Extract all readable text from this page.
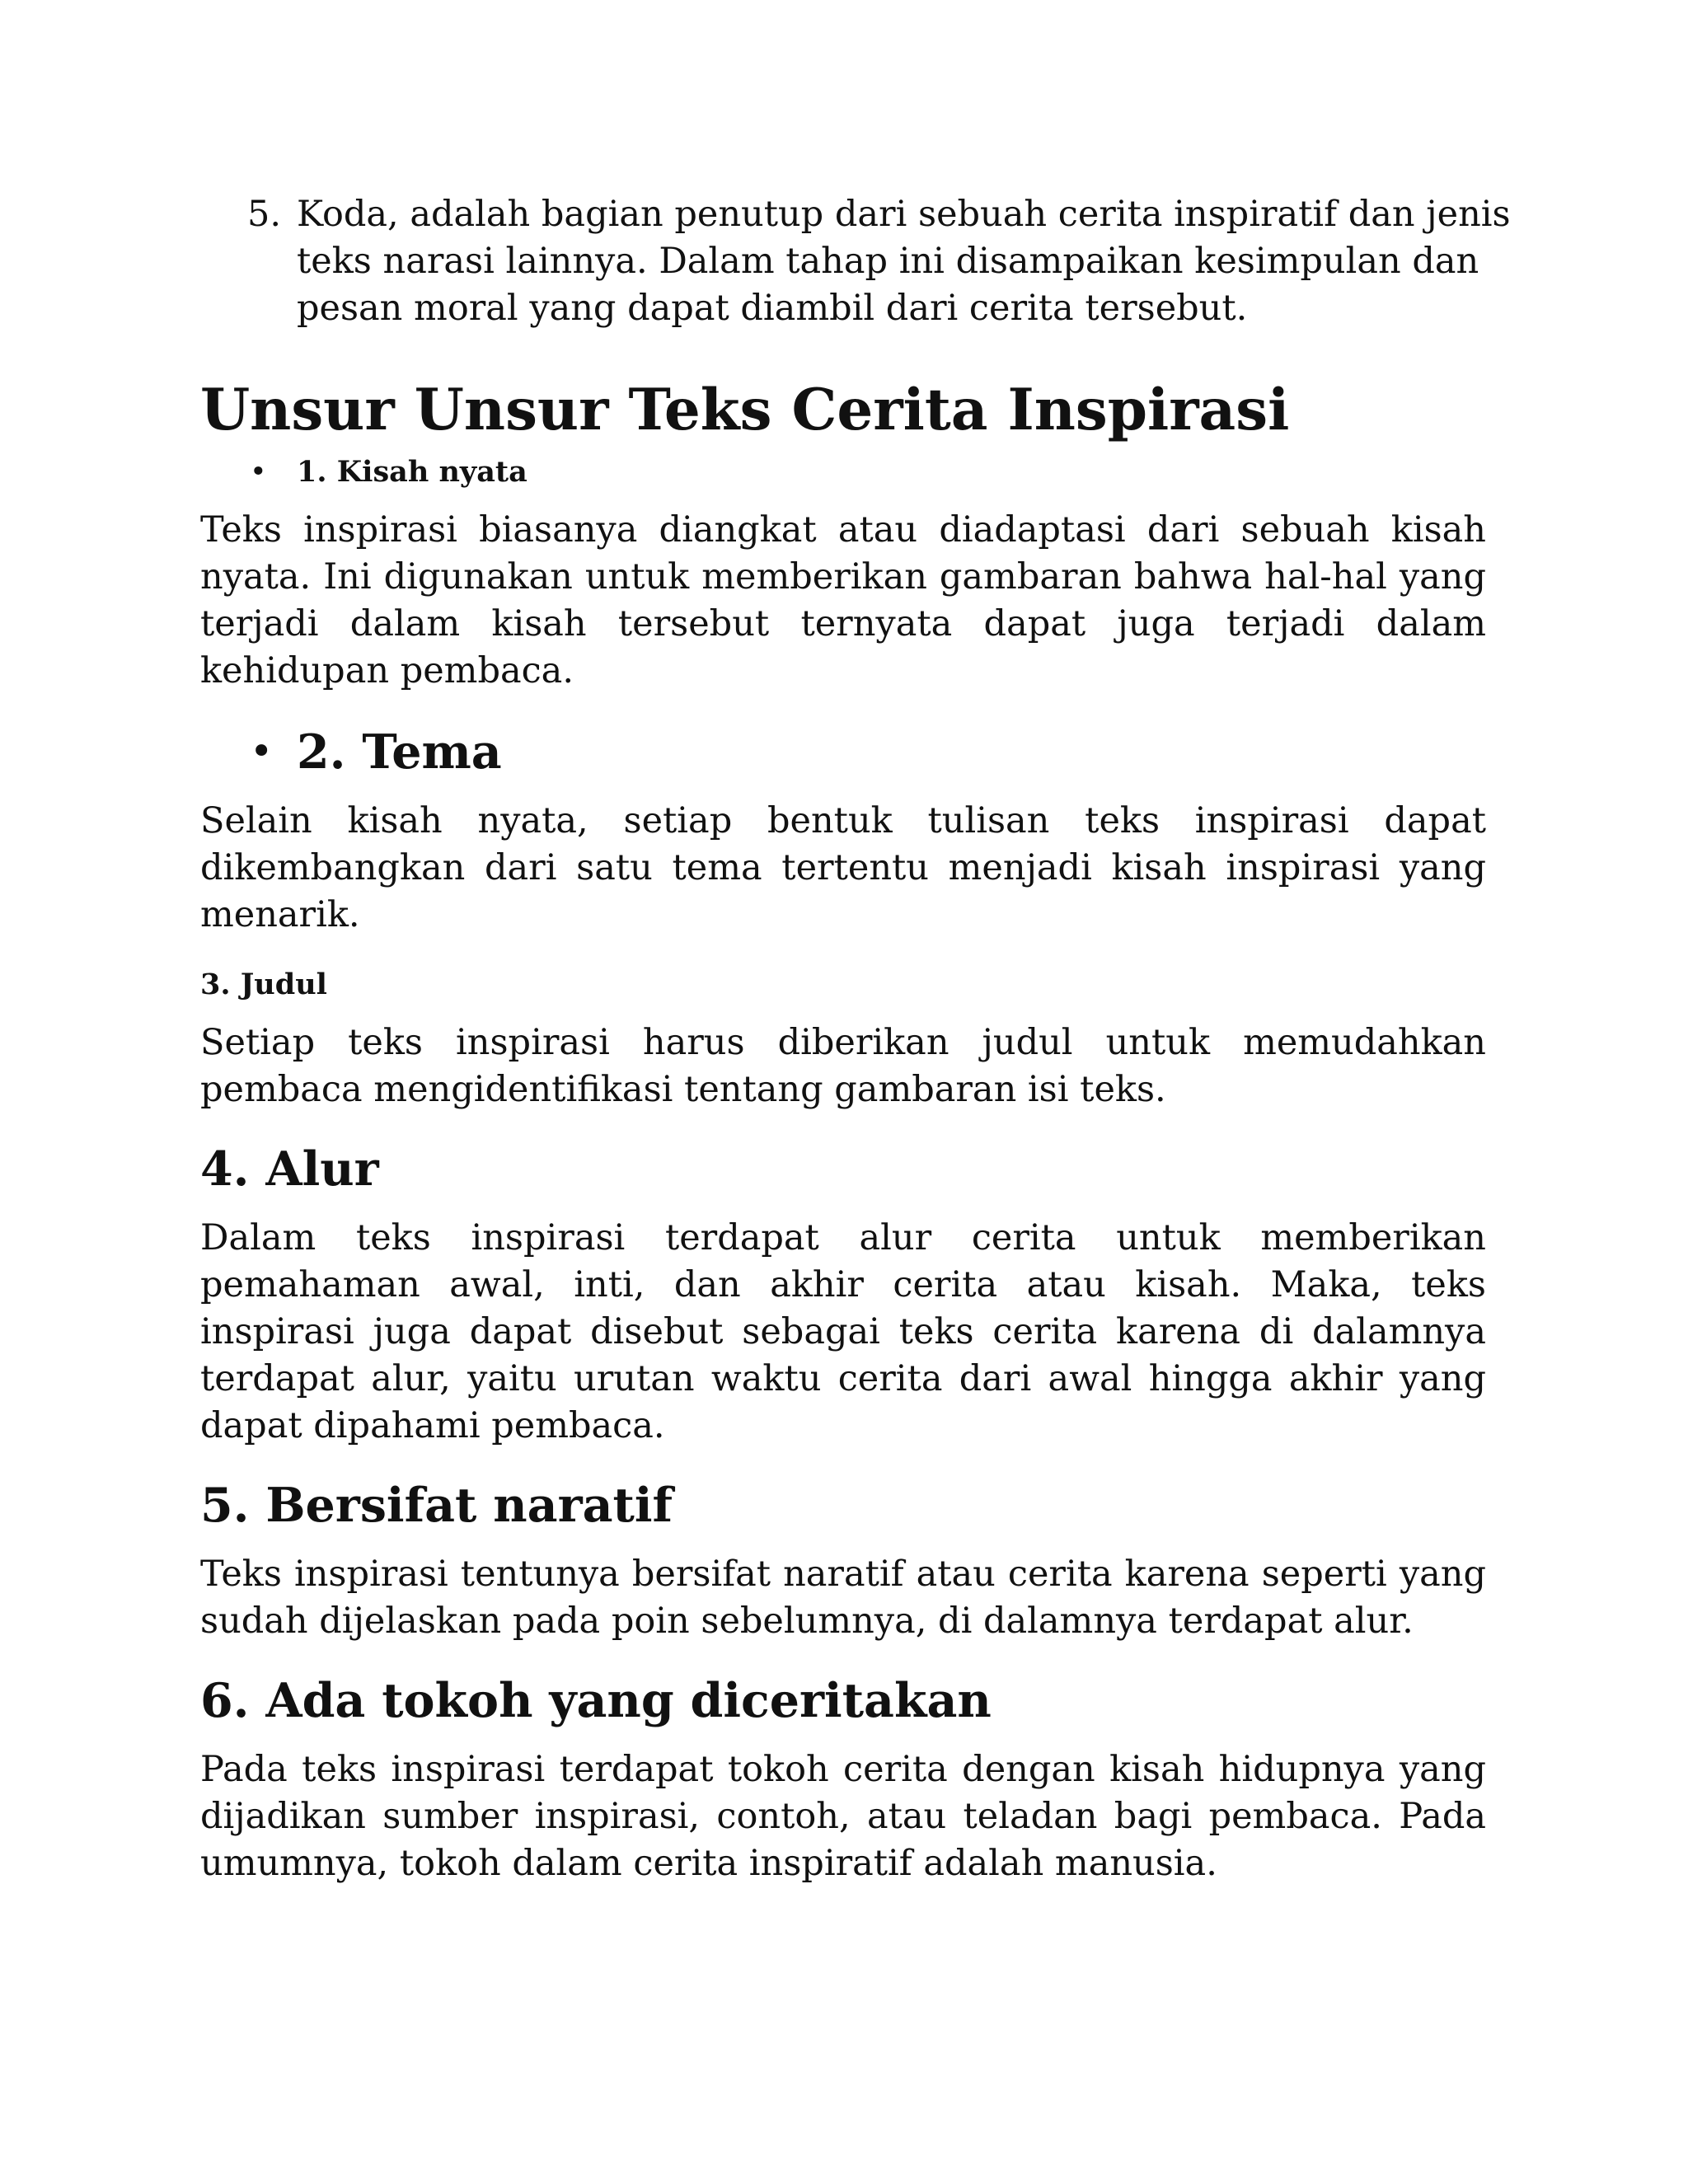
5. Koda, adalah bagian penutup dari sebuah cerita inspiratif dan jenis teks narasi lainnya. Dalam tahap ini disampaikan kesimpulan dan pesan moral yang dapat diambil dari cerita tersebut.

Unsur Unsur Teks Cerita Inspirasi
• 1. Kisah nyata

Teks inspirasi biasanya diangkat atau diadaptasi dari sebuah kisah nyata. Ini digunakan untuk memberikan gambaran bahwa hal-hal yang terjadi dalam kisah tersebut ternyata dapat juga terjadi dalam kehidupan pembaca.

• 2. Tema

Selain kisah nyata, setiap bentuk tulisan teks inspirasi dapat dikembangkan dari satu tema tertentu menjadi kisah inspirasi yang menarik.

3. Judul

Setiap teks inspirasi harus diberikan judul untuk memudahkan pembaca mengidentifikasi tentang gambaran isi teks.

4. Alur

Dalam teks inspirasi terdapat alur cerita untuk memberikan pemahaman awal, inti, dan akhir cerita atau kisah. Maka, teks inspirasi juga dapat disebut sebagai teks cerita karena di dalamnya terdapat alur, yaitu urutan waktu cerita dari awal hingga akhir yang dapat dipahami pembaca.

5. Bersifat naratif

Teks inspirasi tentunya bersifat naratif atau cerita karena seperti yang sudah dijelaskan pada poin sebelumnya, di dalamnya terdapat alur.

6. Ada tokoh yang diceritakan

Pada teks inspirasi terdapat tokoh cerita dengan kisah hidupnya yang dijadikan sumber inspirasi, contoh, atau teladan bagi pembaca. Pada umumnya, tokoh dalam cerita inspiratif adalah manusia.
